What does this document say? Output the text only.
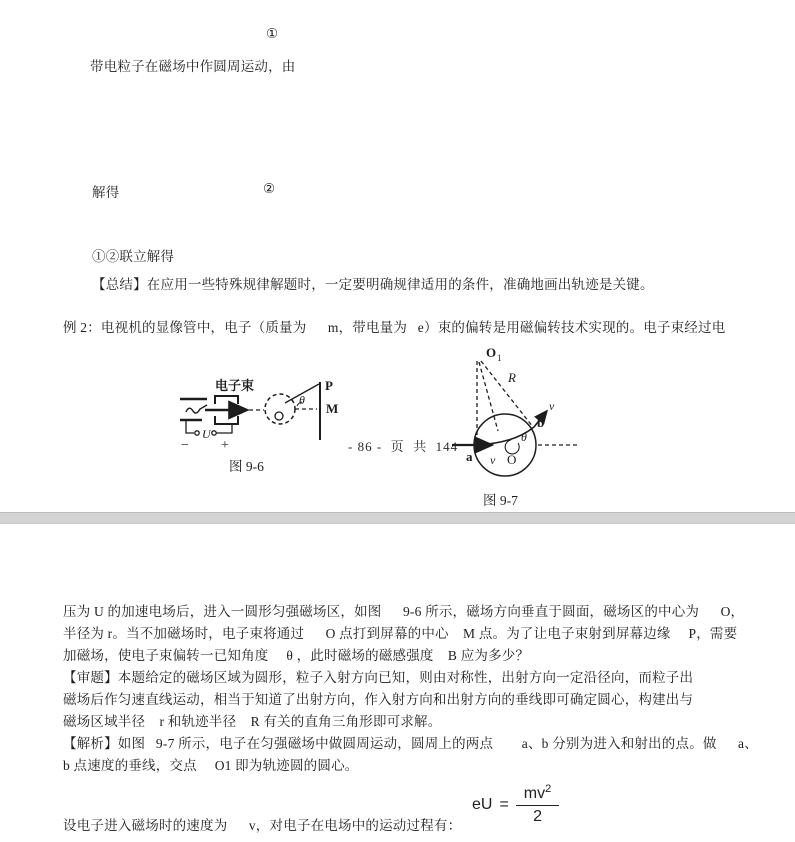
①
带电粒子在磁场中作圆周运动，由
解得	②
①②联立解得
【总结】在应用一些特殊规律解题时，一定要明确规律适用的条件，准确地画出轨迹是关键。
例 2：电视机的显像管中，电子（质量为      m，带电量为   e）束的偏转是用磁偏转技术实现的。电子束经过电
U
− +
电子束
θ
P
M
图 9-6
- 86 -  页  共  144
O 1
R
θ
a v O
b
v
图 9-7
压为 U 的加速电场后，进入一圆形匀强磁场区，如图      9-6 所示，磁场方向垂直于圆面，磁场区的中心为      O，
半径为 r。当不加磁场时，电子束将通过      O 点打到屏幕的中心    M 点。为了让电子束射到屏幕边缘     P，需要
加磁场，使电子束偏转一已知角度     θ ，此时磁场的磁感强度    B 应为多少？
【审题】本题给定的磁场区域为圆形，粒子入射方向已知，则由对称性，出射方向一定沿径向，而粒子出
磁场后作匀速直线运动，相当于知道了出射方向，作入射方向和出射方向的垂线即可确定圆心，构建出与
磁场区域半径    r 和轨迹半径    R 有关的直角三角形即可求解。
【解析】如图   9-7 所示，电子在匀强磁场中做圆周运动，圆周上的两点        a、b 分别为进入和射出的点。做      a、
b 点速度的垂线，交点     O1 即为轨迹圆的圆心。
设电子进入磁场时的速度为      v，对电子在电场中的运动过程有：
eU = $\frac{mv^2}{2}$
